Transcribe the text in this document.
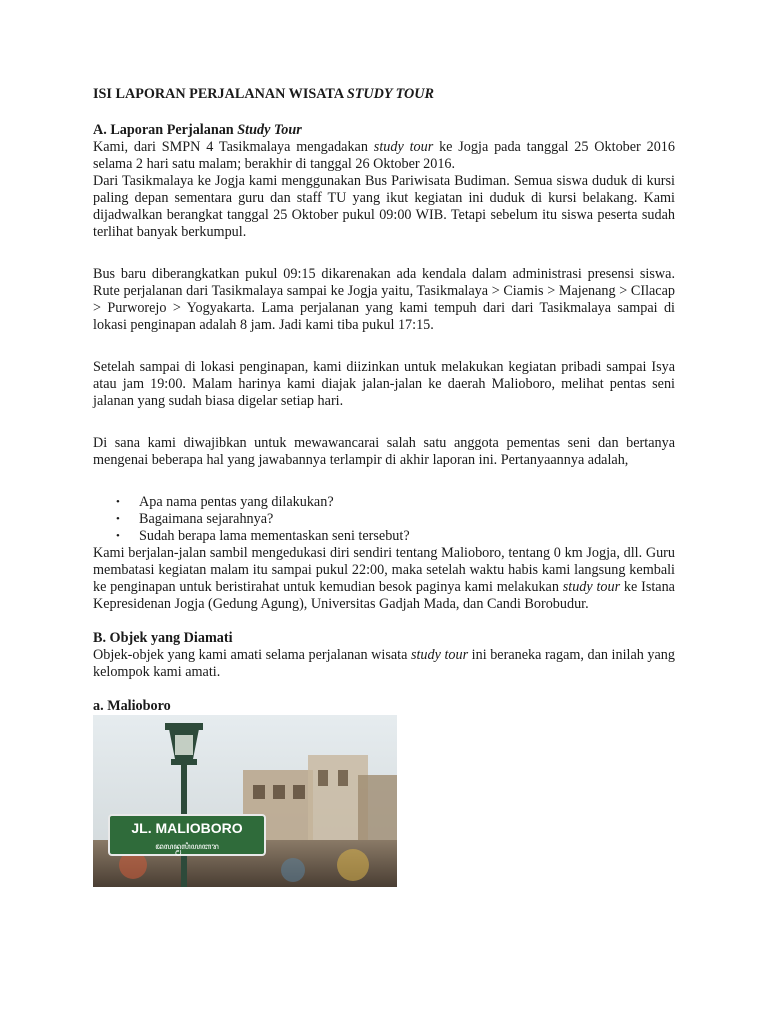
ISI LAPORAN PERJALANAN WISATA STUDY TOUR

A. Laporan Perjalanan Study Tour

Kami, dari SMPN 4 Tasikmalaya mengadakan study tour ke Jogja pada tanggal 25 Oktober 2016 selama 2 hari satu malam; berakhir di tanggal 26 Oktober 2016.

Dari Tasikmalaya ke Jogja kami menggunakan Bus Pariwisata Budiman. Semua siswa duduk di kursi paling depan sementara guru dan staff TU yang ikut kegiatan ini duduk di kursi belakang. Kami dijadwalkan berangkat tanggal 25 Oktober pukul 09:00 WIB. Tetapi sebelum itu siswa peserta sudah terlihat banyak berkumpul.

Bus baru diberangkatkan pukul 09:15 dikarenakan ada kendala dalam administrasi presensi siswa. Rute perjalanan dari Tasikmalaya sampai ke Jogja yaitu, Tasikmalaya > Ciamis > Majenang > CIlacap > Purworejo > Yogyakarta. Lama perjalanan yang kami tempuh dari dari Tasikmalaya sampai di lokasi penginapan adalah 8 jam. Jadi kami tiba pukul 17:15.

Setelah sampai di lokasi penginapan, kami diizinkan untuk melakukan kegiatan pribadi sampai Isya atau jam 19:00. Malam harinya kami diajak jalan-jalan ke daerah Malioboro, melihat pentas seni jalanan yang sudah biasa digelar setiap hari.

Di sana kami diwajibkan untuk mewawancarai salah satu anggota pementas seni dan bertanya mengenai beberapa hal yang jawabannya terlampir di akhir laporan ini. Pertanyaannya adalah,

• Apa nama pentas yang dilakukan?
• Bagaimana sejarahnya?
• Sudah berapa lama mementaskan seni tersebut?

Kami berjalan-jalan sambil mengedukasi diri sendiri tentang Malioboro, tentang 0 km Jogja, dll. Guru membatasi kegiatan malam itu sampai pukul 22:00, maka setelah waktu habis kami langsung kembali ke penginapan untuk beristirahat untuk kemudian besok paginya kami melakukan study tour ke Istana Kepresidenan Jogja (Gedung Agung), Universitas Gadjah Mada, dan Candi Borobudur.

B. Objek yang Diamati

Objek-objek yang kami amati selama perjalanan wisata study tour ini beraneka ragam, dan inilah yang kelompok kami amati.

a. Malioboro

JL. MALIOBORO
ꦢꦭꦤ꧀ꦩꦭꦶꦪꦧꦫ
